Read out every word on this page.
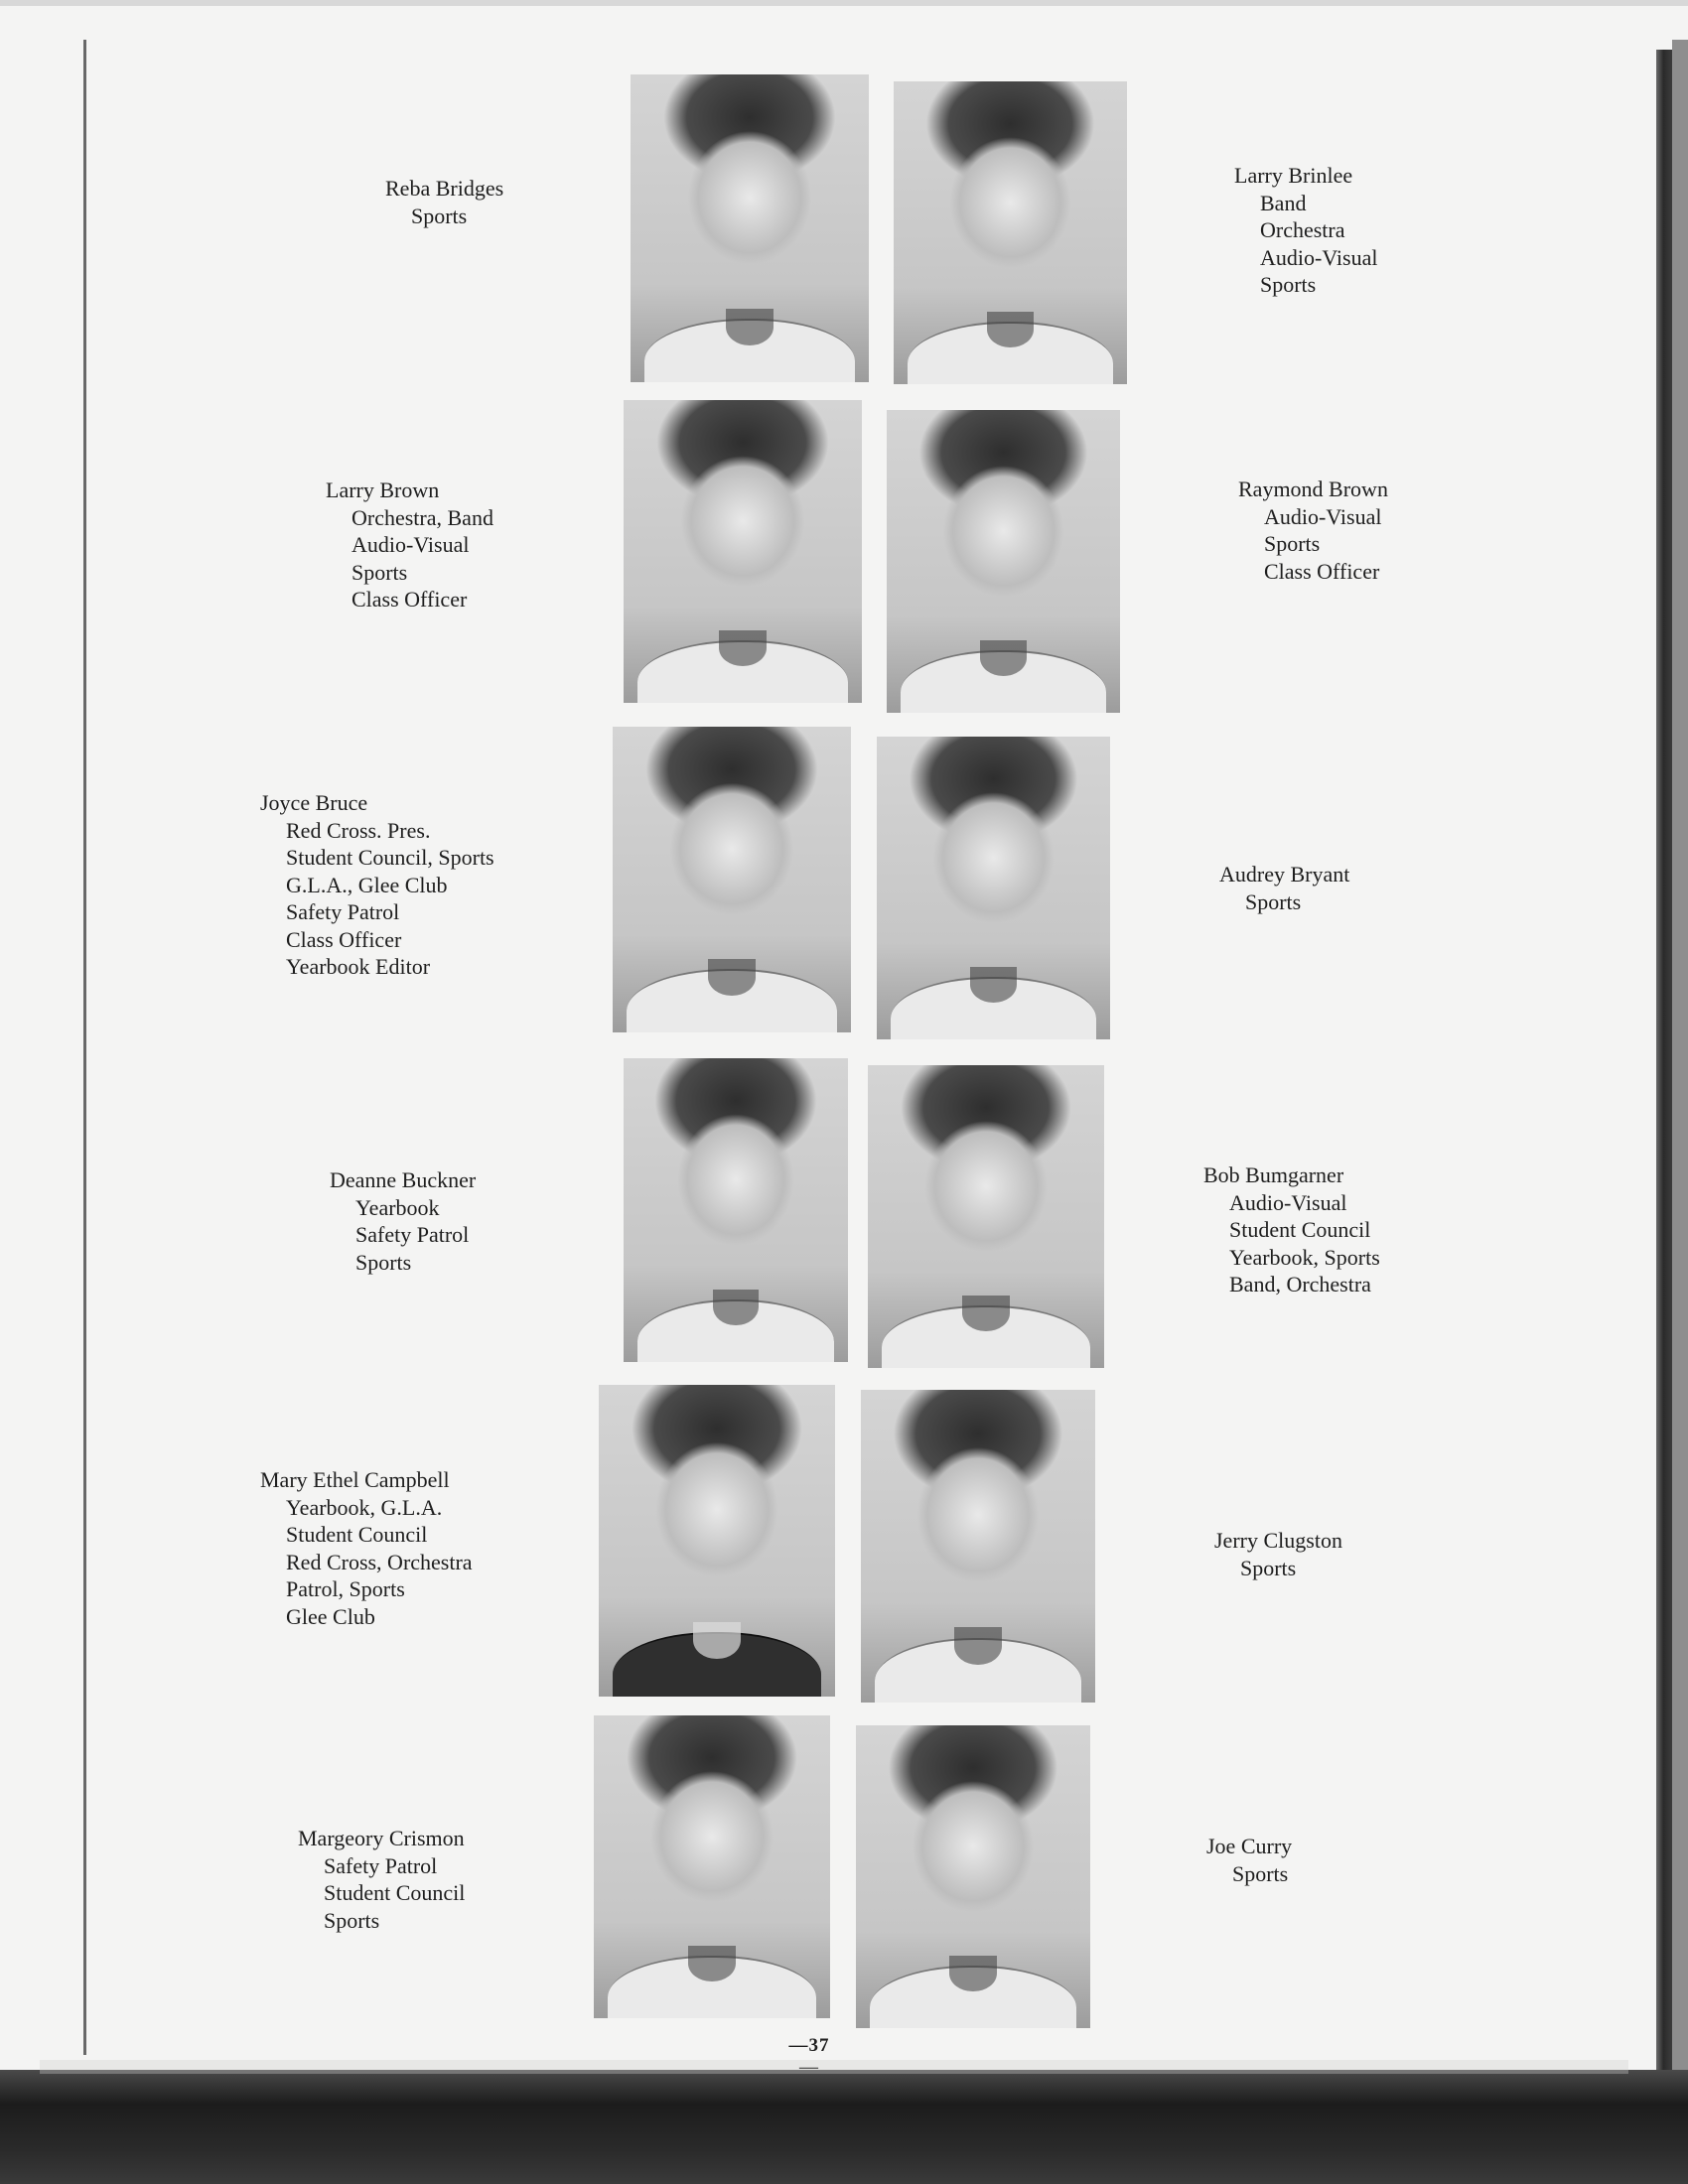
Reba Bridges
Sports
Larry Brinlee
Band
Orchestra
Audio-Visual
Sports
Larry Brown
Orchestra, Band
Audio-Visual
Sports
Class Officer
Raymond Brown
Audio-Visual
Sports
Class Officer
Joyce Bruce
Red Cross. Pres.
Student Council, Sports
G.L.A., Glee Club
Safety Patrol
Class Officer
Yearbook Editor
Audrey Bryant
Sports
Deanne Buckner
Yearbook
Safety Patrol
Sports
Bob Bumgarner
Audio-Visual
Student Council
Yearbook, Sports
Band, Orchestra
Mary Ethel Campbell
Yearbook, G.L.A.
Student Council
Red Cross, Orchestra
Patrol, Sports
Glee Club
Jerry Clugston
Sports
Margeory Crismon
Safety Patrol
Student Council
Sports
Joe Curry
Sports
—37
